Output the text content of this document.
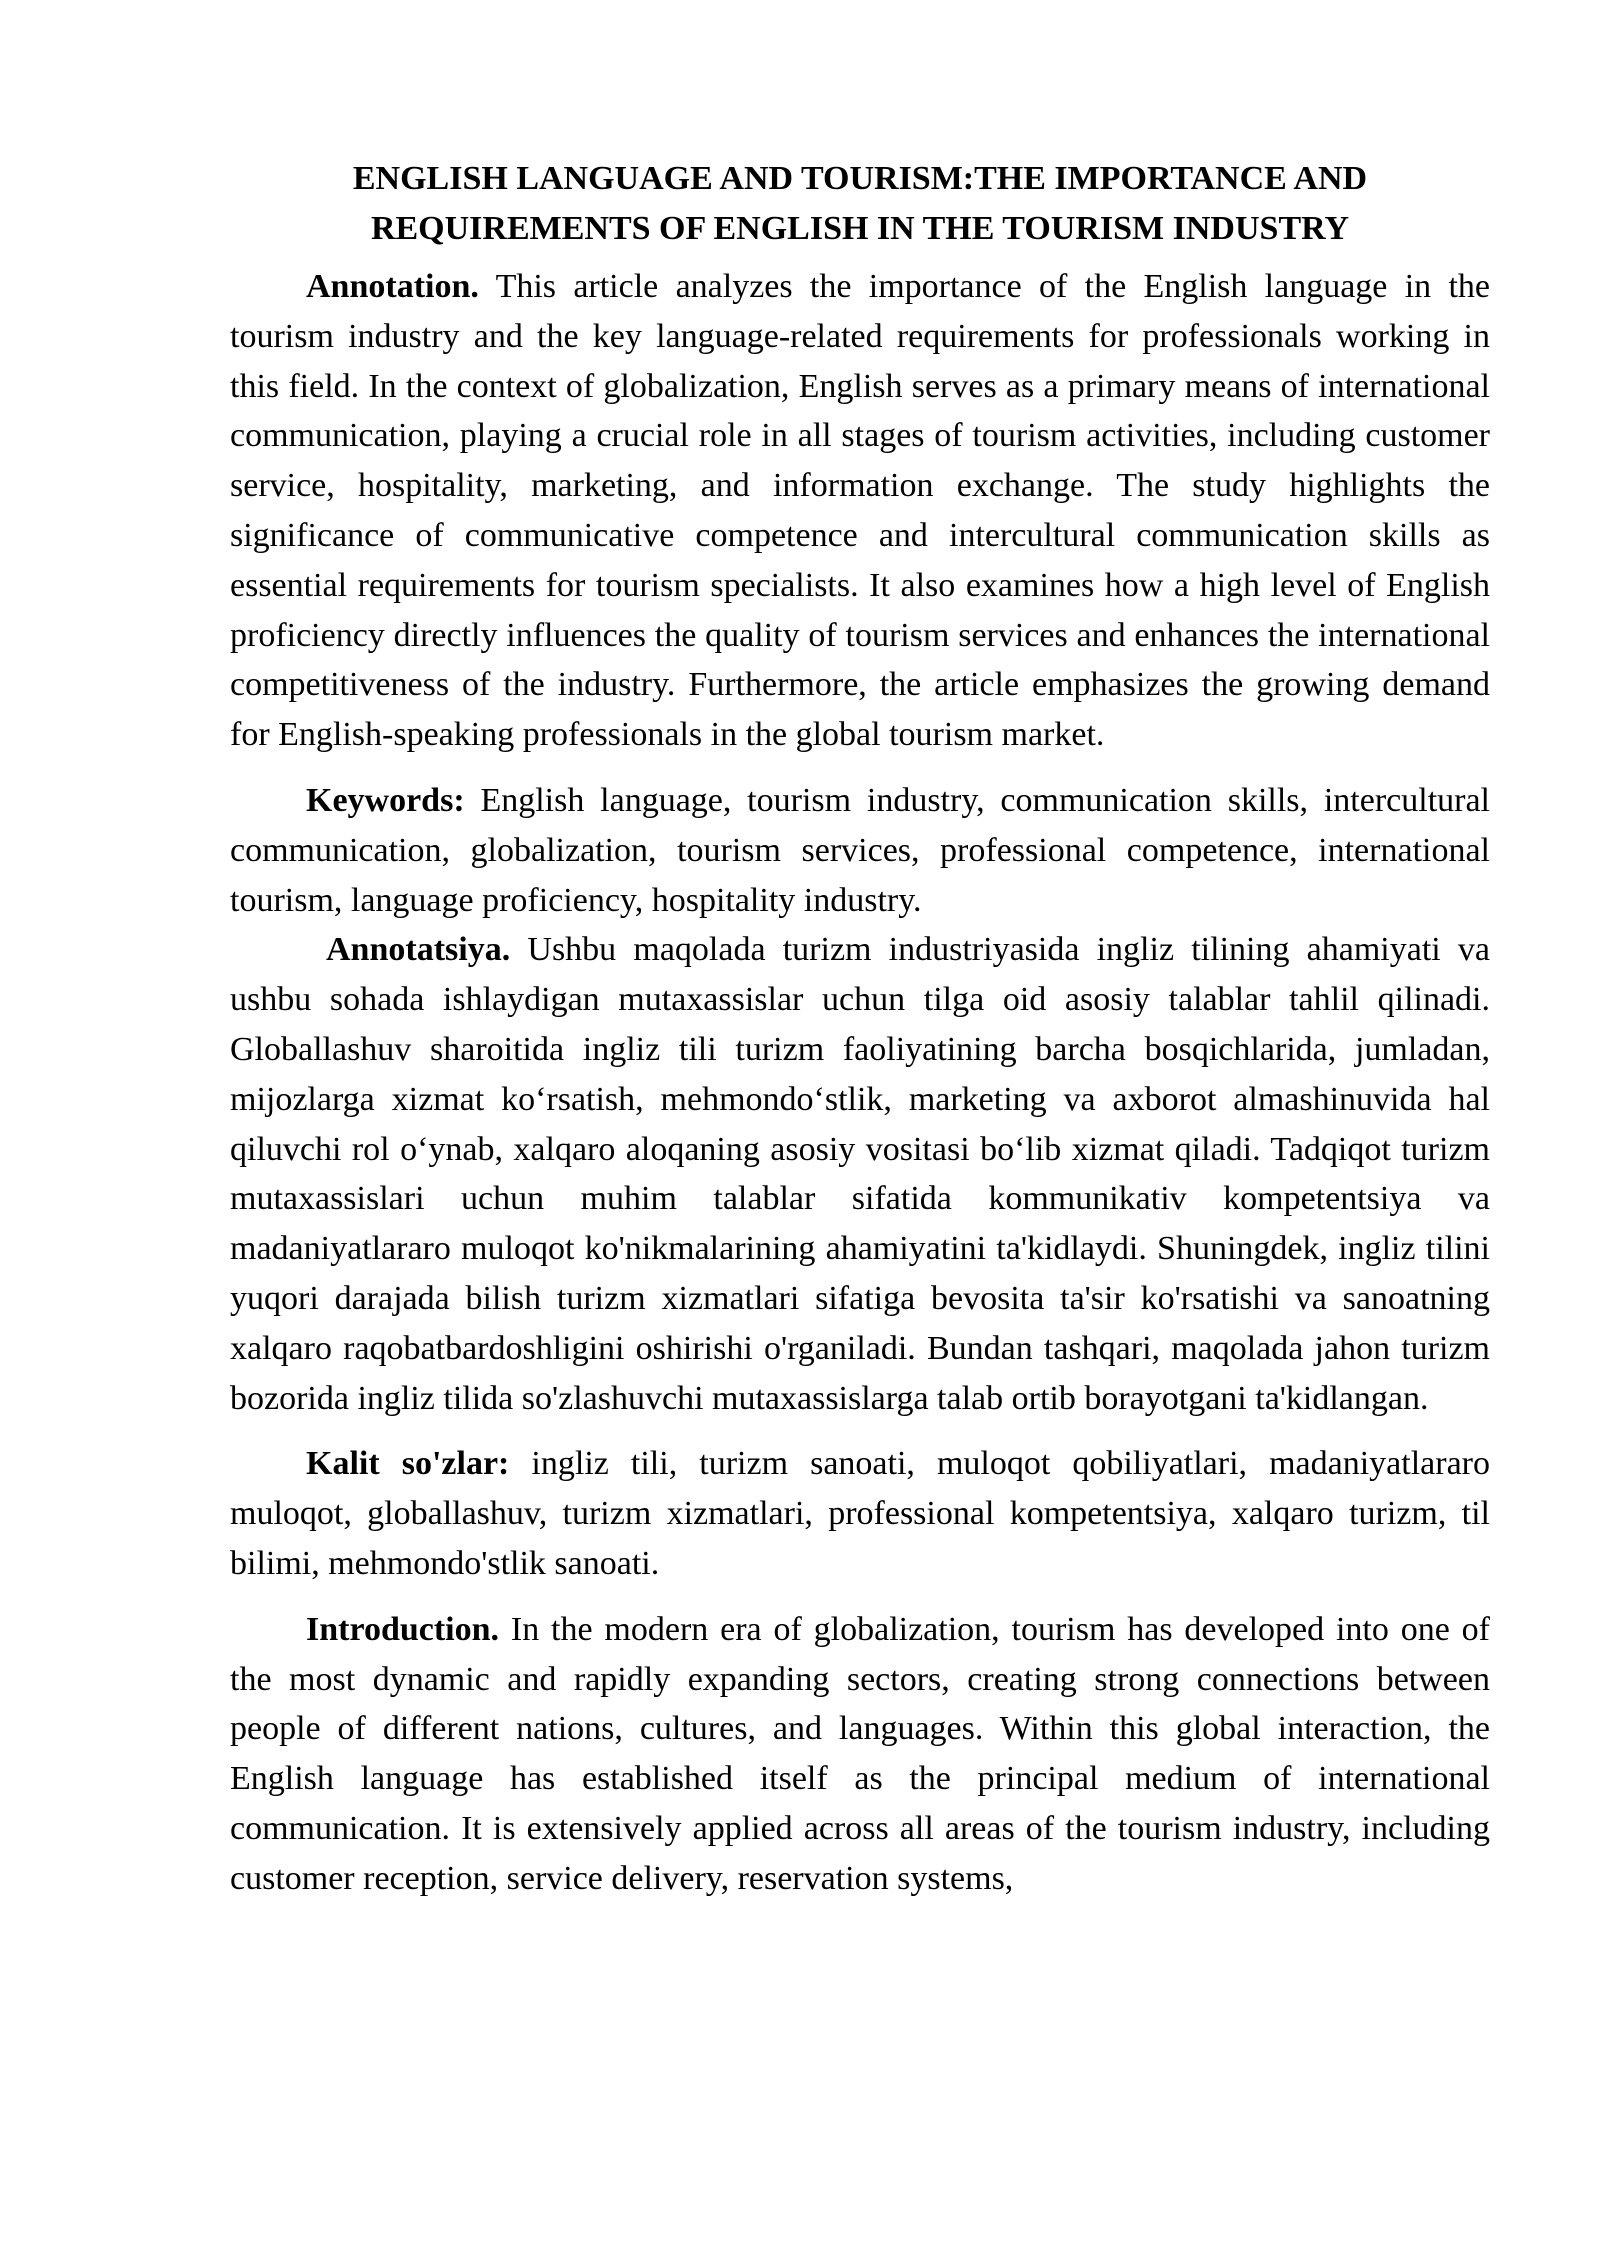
ENGLISH LANGUAGE AND TOURISM:THE IMPORTANCE AND
REQUIREMENTS OF ENGLISH IN THE TOURISM INDUSTRY

Annotation. This article analyzes the importance of the English language in the tourism industry and the key language-related requirements for professionals working in this field. In the context of globalization, English serves as a primary means of international communication, playing a crucial role in all stages of tourism activities, including customer service, hospitality, marketing, and information exchange. The study highlights the significance of communicative competence and intercultural communication skills as essential requirements for tourism specialists. It also examines how a high level of English proficiency directly influences the quality of tourism services and enhances the international competitiveness of the industry. Furthermore, the article emphasizes the growing demand for English-speaking professionals in the global tourism market.

Keywords: English language, tourism industry, communication skills, intercultural communication, globalization, tourism services, professional competence, international tourism, language proficiency, hospitality industry.

Annotatsiya. Ushbu maqolada turizm industriyasida ingliz tilining ahamiyati va ushbu sohada ishlaydigan mutaxassislar uchun tilga oid asosiy talablar tahlil qilinadi. Globallashuv sharoitida ingliz tili turizm faoliyatining barcha bosqichlarida, jumladan, mijozlarga xizmat ko‘rsatish, mehmondo‘stlik, marketing va axborot almashinuvida hal qiluvchi rol o‘ynab, xalqaro aloqaning asosiy vositasi bo‘lib xizmat qiladi. Tadqiqot turizm mutaxassislari uchun muhim talablar sifatida kommunikativ kompetentsiya va madaniyatlararo muloqot ko'nikmalarining ahamiyatini ta'kidlaydi. Shuningdek, ingliz tilini yuqori darajada bilish turizm xizmatlari sifatiga bevosita ta'sir ko'rsatishi va sanoatning xalqaro raqobatbardoshligini oshirishi o'rganiladi. Bundan tashqari, maqolada jahon turizm bozorida ingliz tilida so'zlashuvchi mutaxassislarga talab ortib borayotgani ta'kidlangan.

Kalit so'zlar: ingliz tili, turizm sanoati, muloqot qobiliyatlari, madaniyatlararo muloqot, globallashuv, turizm xizmatlari, professional kompetentsiya, xalqaro turizm, til bilimi, mehmondo'stlik sanoati.

Introduction. In the modern era of globalization, tourism has developed into one of the most dynamic and rapidly expanding sectors, creating strong connections between people of different nations, cultures, and languages. Within this global interaction, the English language has established itself as the principal medium of international communication. It is extensively applied across all areas of the tourism industry, including customer reception, service delivery, reservation systems,
